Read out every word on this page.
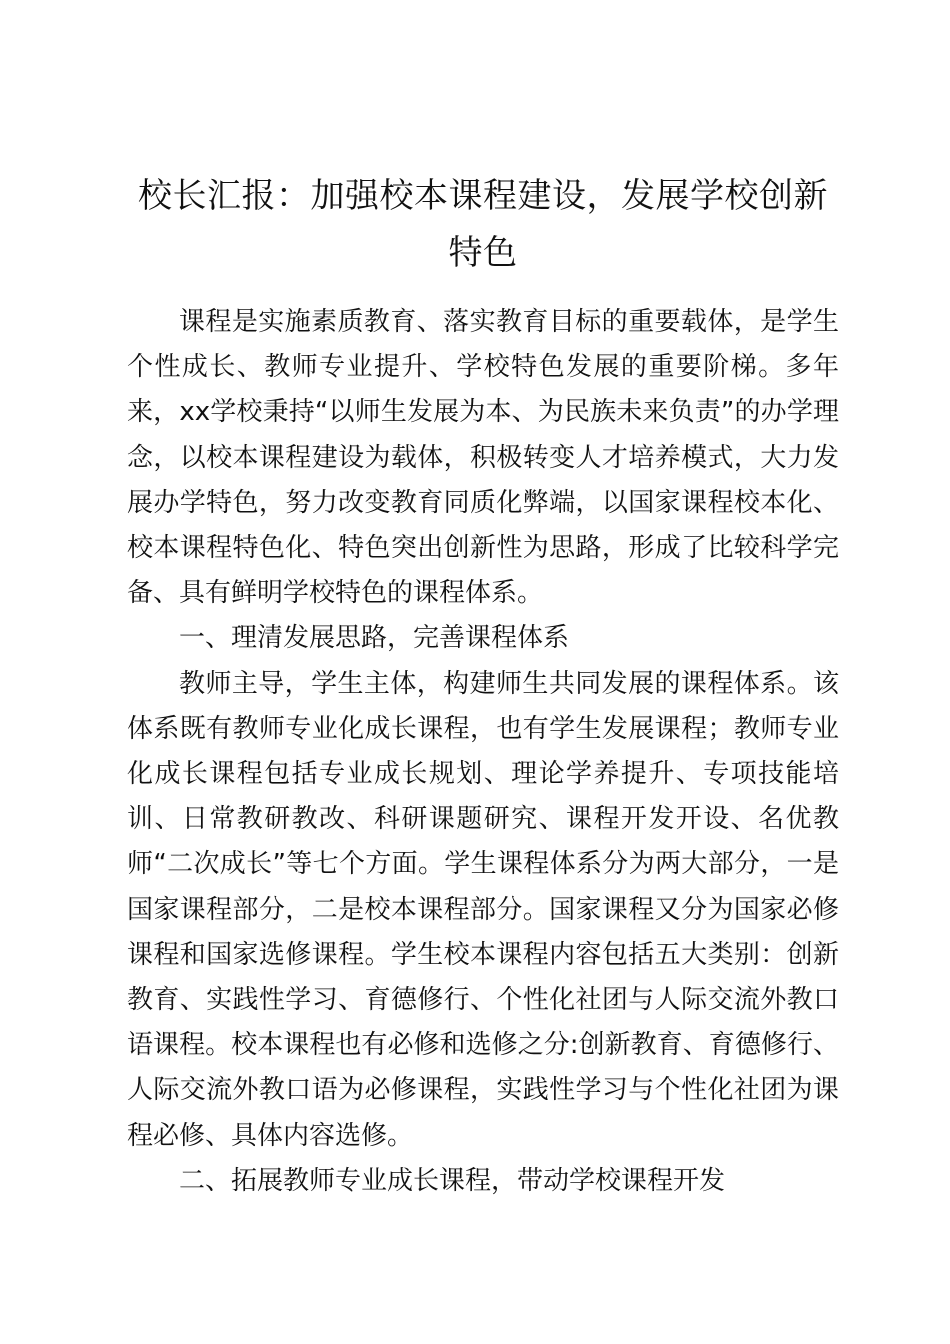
校长汇报：加强校本课程建设，发展学校创新特色

课程是实施素质教育、落实教育目标的重要载体，是学生个性成长、教师专业提升、学校特色发展的重要阶梯。多年来，xx学校秉持“以师生发展为本、为民族未来负责”的办学理念，以校本课程建设为载体，积极转变人才培养模式，大力发展办学特色，努力改变教育同质化弊端，以国家课程校本化、校本课程特色化、特色突出创新性为思路，形成了比较科学完备、具有鲜明学校特色的课程体系。

一、理清发展思路，完善课程体系

教师主导，学生主体，构建师生共同发展的课程体系。该体系既有教师专业化成长课程，也有学生发展课程；教师专业化成长课程包括专业成长规划、理论学养提升、专项技能培训、日常教研教改、科研课题研究、课程开发开设、名优教师“二次成长”等七个方面。学生课程体系分为两大部分，一是国家课程部分，二是校本课程部分。国家课程又分为国家必修课程和国家选修课程。学生校本课程内容包括五大类别：创新教育、实践性学习、育德修行、个性化社团与人际交流外教口语课程。校本课程也有必修和选修之分:创新教育、育德修行、人际交流外教口语为必修课程，实践性学习与个性化社团为课程必修、具体内容选修。

二、拓展教师专业成长课程，带动学校课程开发
